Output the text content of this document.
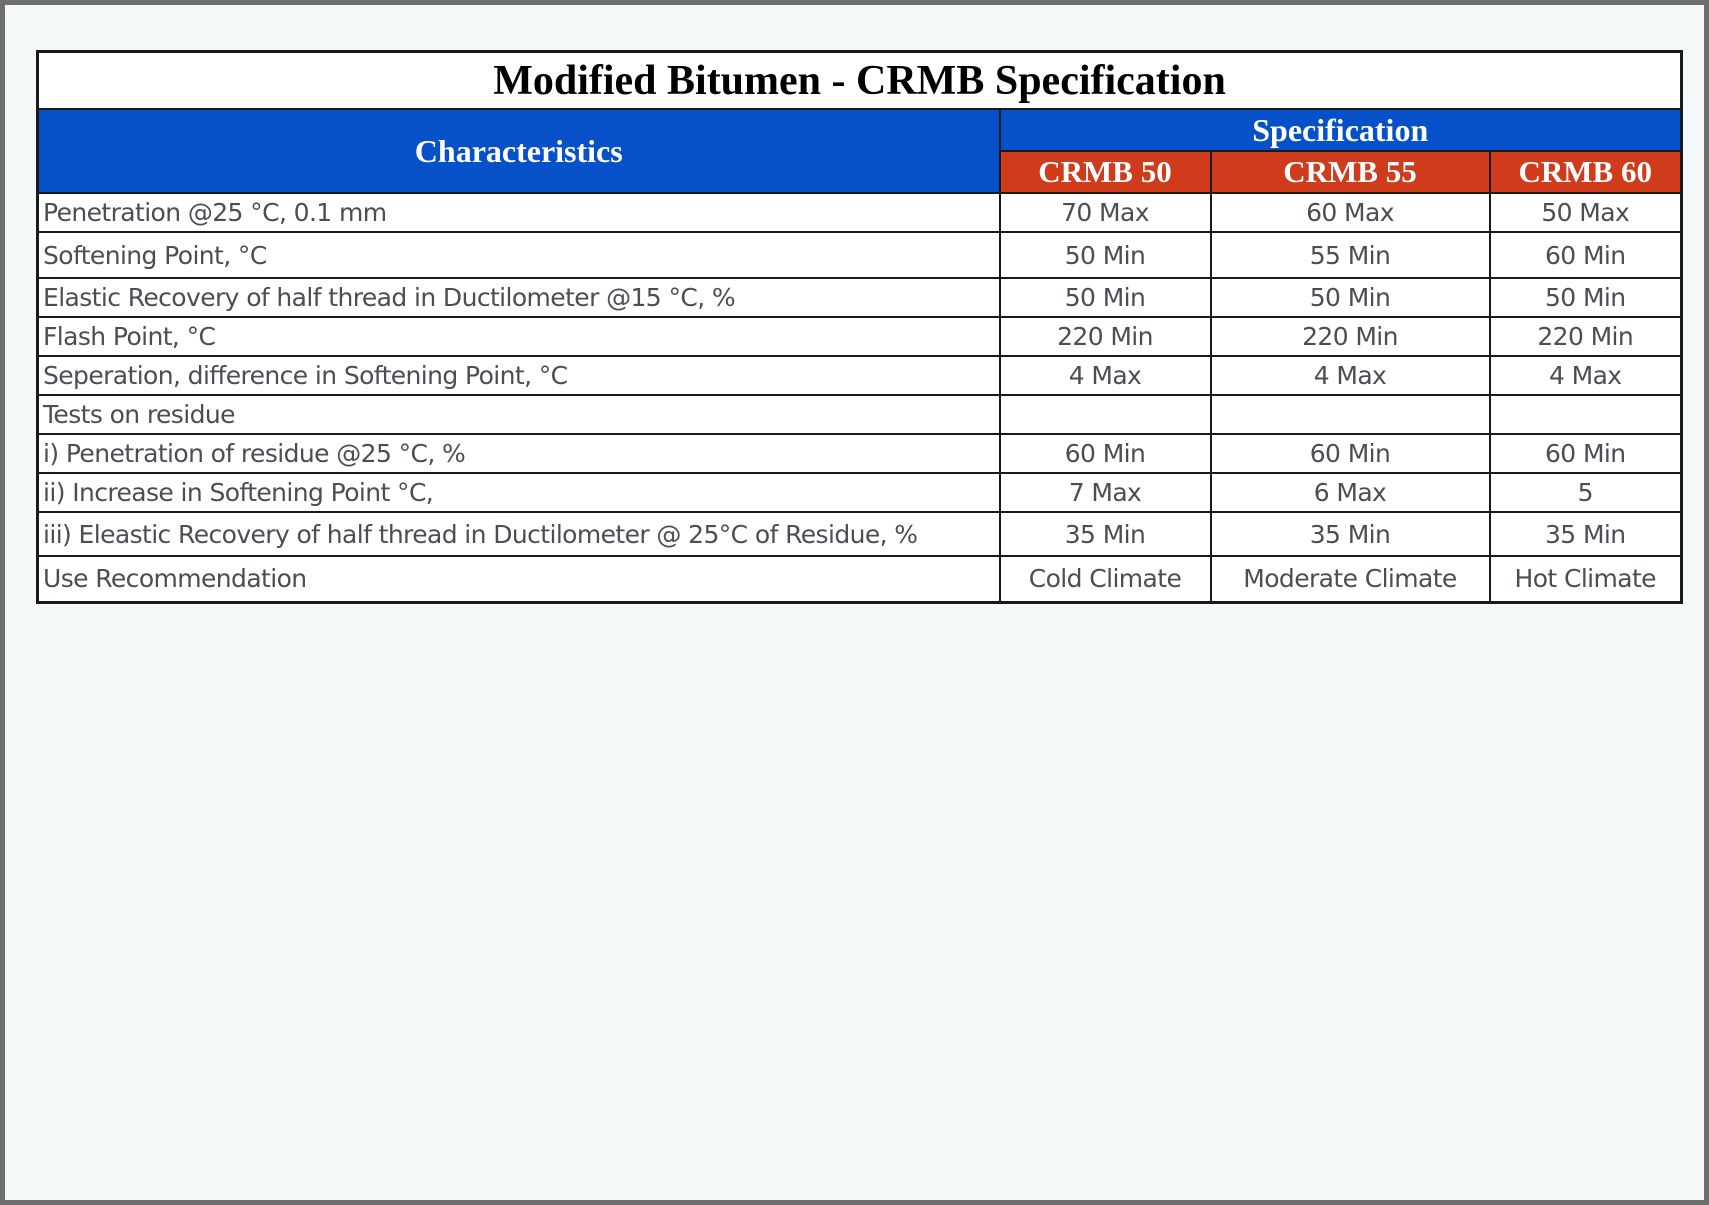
Modified Bitumen - CRMB Specification			
Characteristics	Specification		
	CRMB 50	CRMB 55	CRMB 60
Penetration @25 °C, 0.1 mm	70 Max	60 Max	50 Max
Softening Point, °C	50 Min	55 Min	60 Min
Elastic Recovery of half thread in Ductilometer @15 °C, %	50 Min	50 Min	50 Min
Flash Point, °C	220 Min	220 Min	220 Min
Seperation, difference in Softening Point, °C	4 Max	4 Max	4 Max
Tests on residue			
i) Penetration of residue @25 °C, %	60 Min	60 Min	60 Min
ii) Increase in Softening Point °C,	7 Max	6 Max	5
iii) Eleastic Recovery of half thread in Ductilometer @ 25°C of Residue, %	35 Min	35 Min	35 Min
Use Recommendation	Cold Climate	Moderate Climate	Hot Climate
